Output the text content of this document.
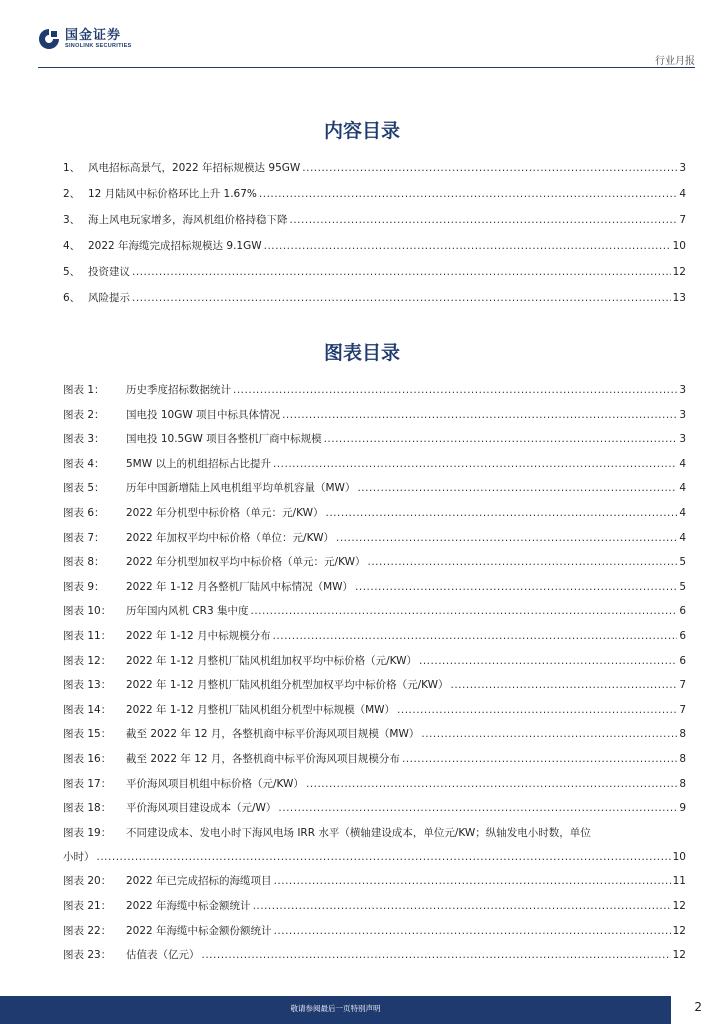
国金证券
SINOLINK SECURITIES
行业月报
内容目录
1、 风电招标高景气，2022 年招标规模达 95GW .....	3
2、 12 月陆风中标价格环比上升 1.67% .....	4
3、 海上风电玩家增多，海风机组价格持稳下降 .....	7
4、 2022 年海缆完成招标规模达 9.1GW .....	10
5、 投资建议 .....	12
6、 风险提示 .....	13
图表目录
图表 1：	历史季度招标数据统计 .....	3
图表 2：	国电投 10GW 项目中标具体情况 .....	3
图表 3：	国电投 10.5GW 项目各整机厂商中标规模 .....	3
图表 4：	5MW 以上的机组招标占比提升 .....	4
图表 5：	历年中国新增陆上风电机组平均单机容量（MW） .....	4
图表 6：	2022 年分机型中标价格（单元：元/KW） .....	4
图表 7：	2022 年加权平均中标价格（单位：元/KW） .....	4
图表 8：	2022 年分机型加权平均中标价格（单元：元/KW） .....	5
图表 9：	2022 年 1-12 月各整机厂陆风中标情况（MW） .....	5
图表 10：	历年国内风机 CR3 集中度 .....	6
图表 11：	2022 年 1-12 月中标规模分布 .....	6
图表 12：	2022 年 1-12 月整机厂陆风机组加权平均中标价格（元/KW） .....	6
图表 13：	2022 年 1-12 月整机厂陆风机组分机型加权平均中标价格（元/KW） .....	7
图表 14：	2022 年 1-12 月整机厂陆风机组分机型中标规模（MW） .....	7
图表 15：	截至 2022 年 12 月，各整机商中标平价海风项目规模（MW） .....	8
图表 16：	截至 2022 年 12 月，各整机商中标平价海风项目规模分布 .....	8
图表 17：	平价海风项目机组中标价格（元/KW） .....	8
图表 18：	平价海风项目建设成本（元/W） .....	9
图表 19：	不同建设成本、发电小时下海风电场 IRR 水平（横轴建设成本，单位元/KW；纵轴发电小时数，单位
小时） .....	10
图表 20：	2022 年已完成招标的海缆项目 .....	11
图表 21：	2022 年海缆中标金额统计 .....	12
图表 22：	2022 年海缆中标金额份额统计 .....	12
图表 23：	估值表（亿元） .....	12
敬请参阅最后一页特别声明	2
